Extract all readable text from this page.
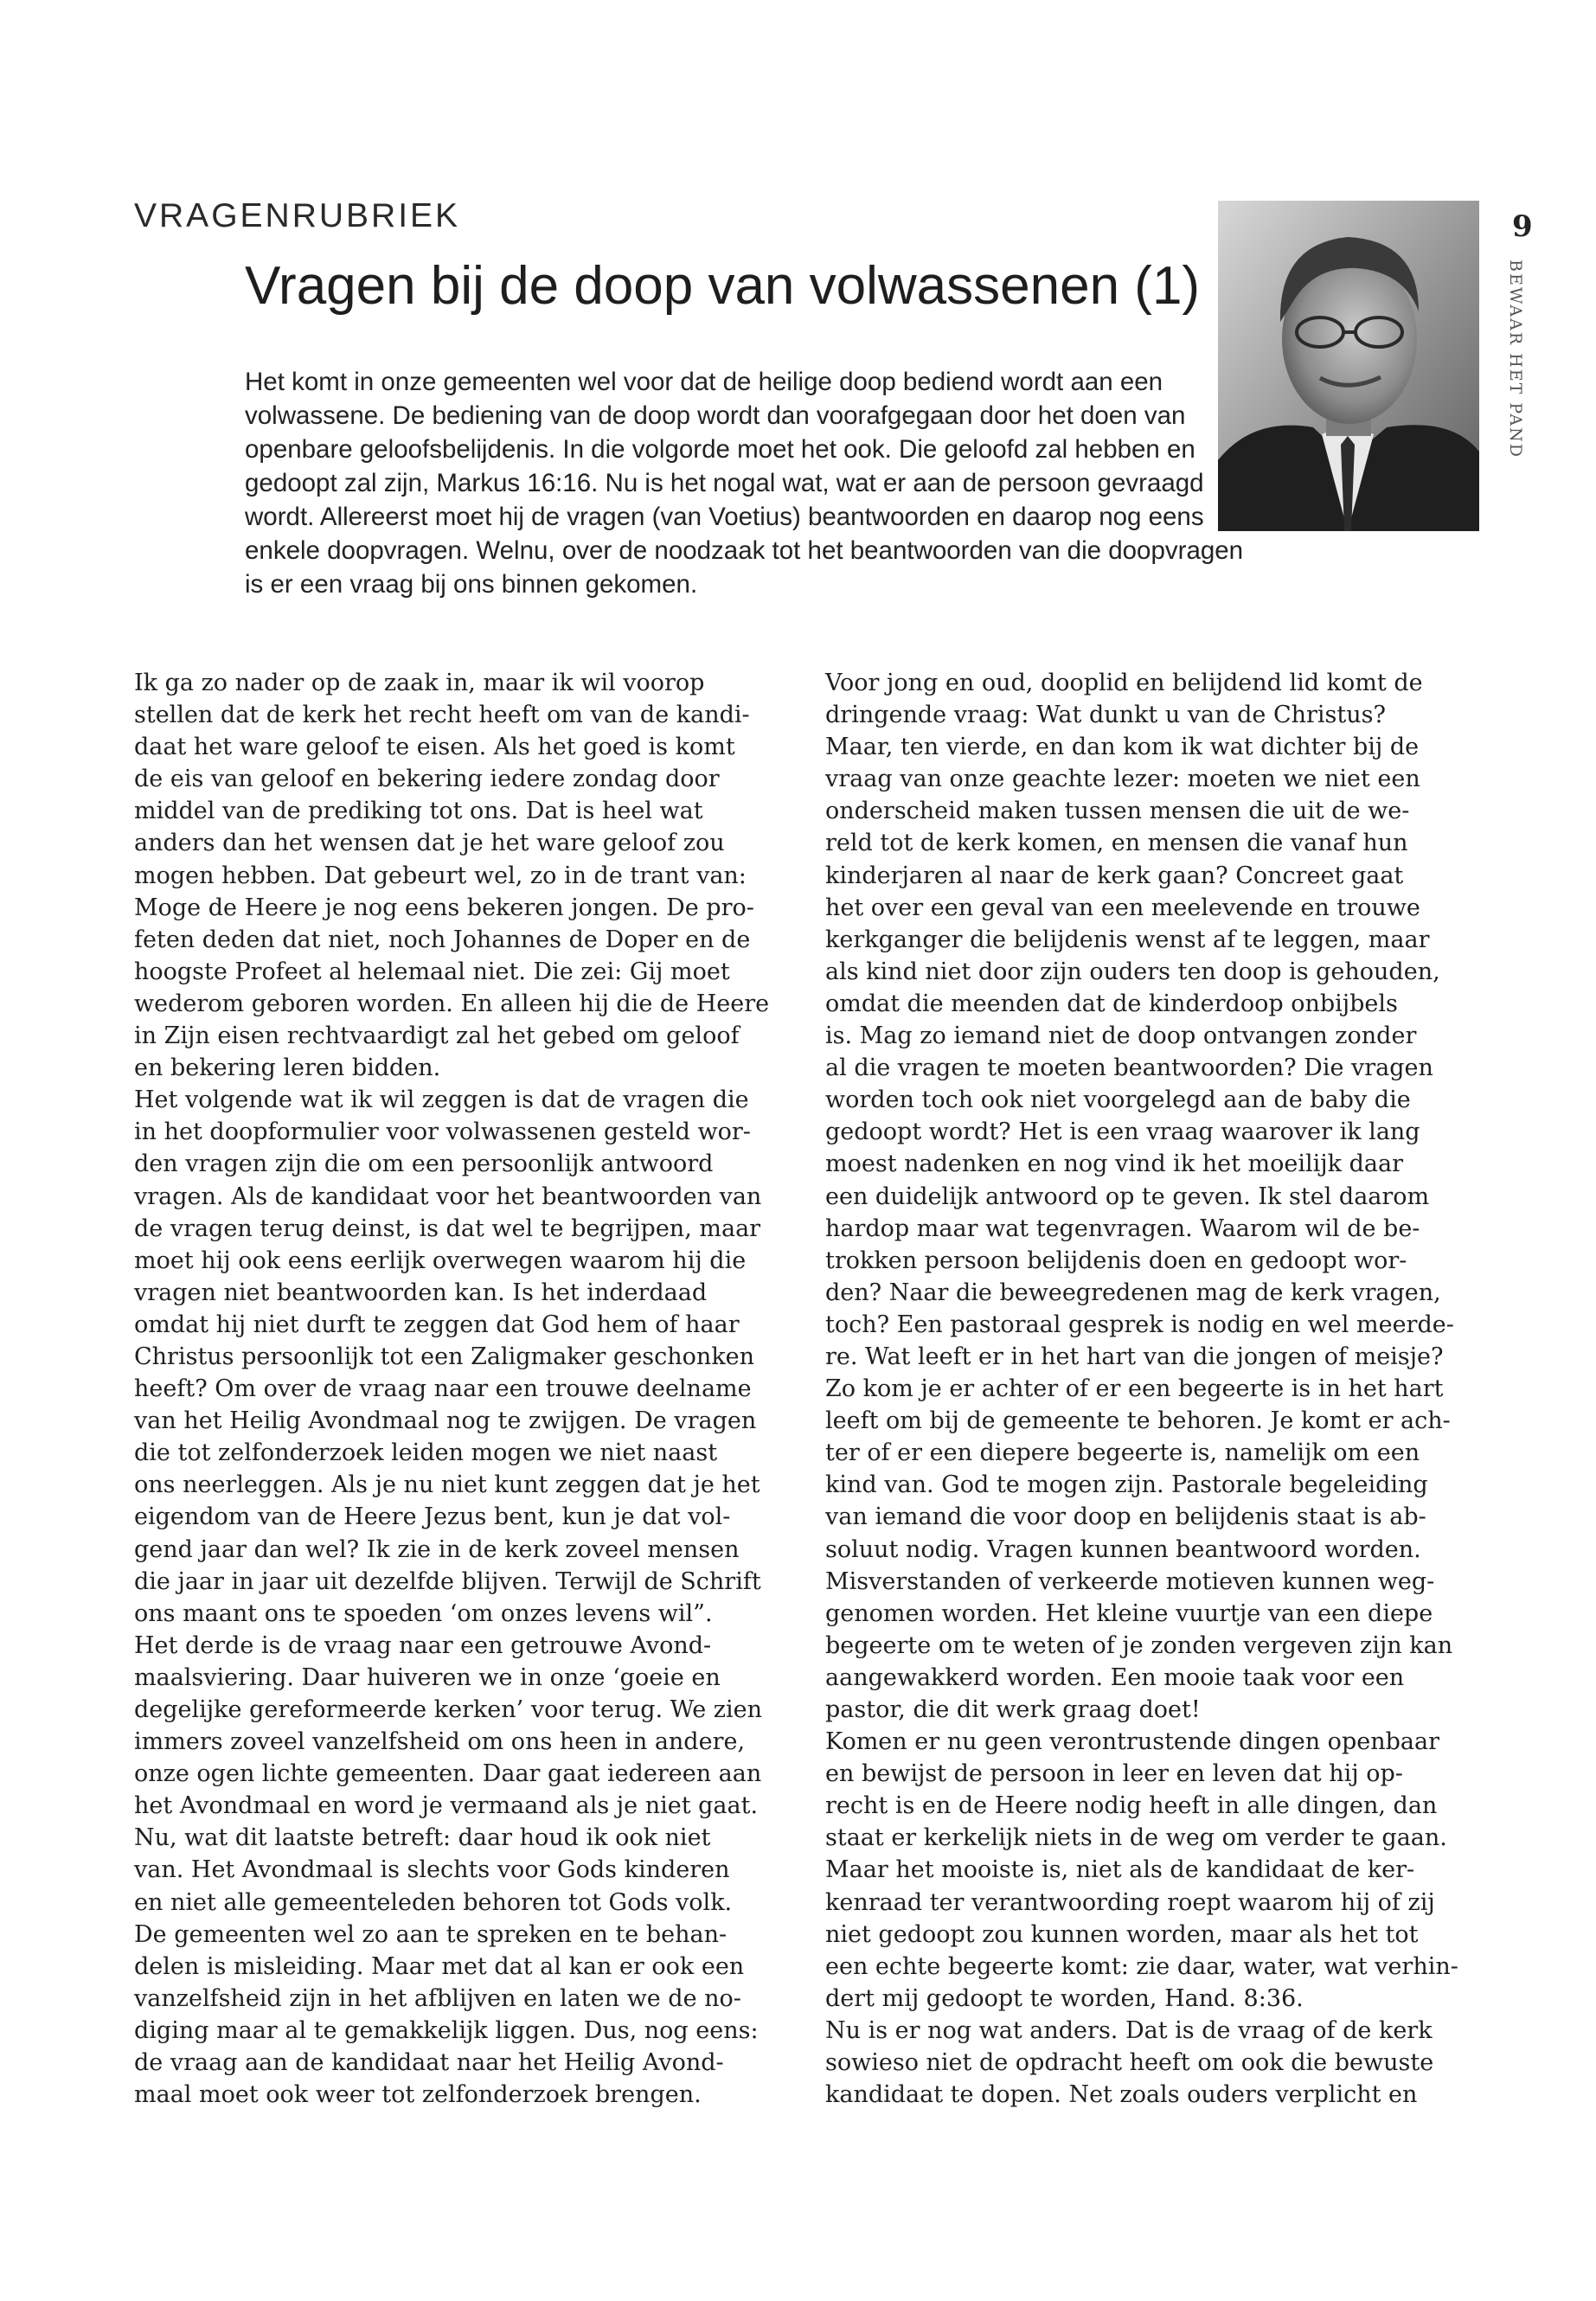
VRAGENRUBRIEK
Vragen bij de doop van volwassenen (1)
9
BEWAAR HET PAND

Het komt in onze gemeenten wel voor dat de heilige doop bediend wordt aan een
volwassene. De bediening van de doop wordt dan voorafgegaan door het doen van
openbare geloofsbelijdenis. In die volgorde moet het ook. Die geloofd zal hebben en
gedoopt zal zijn, Markus 16:16. Nu is het nogal wat, wat er aan de persoon gevraagd
wordt. Allereerst moet hij de vragen (van Voetius) beantwoorden en daarop nog eens
enkele doopvragen. Welnu, over de noodzaak tot het beantwoorden van die doopvragen
is er een vraag bij ons binnen gekomen.

Ik ga zo nader op de zaak in, maar ik wil voorop
stellen dat de kerk het recht heeft om van de kandi-
daat het ware geloof te eisen. Als het goed is komt
de eis van geloof en bekering iedere zondag door
middel van de prediking tot ons. Dat is heel wat
anders dan het wensen dat je het ware geloof zou
mogen hebben. Dat gebeurt wel, zo in de trant van:
Moge de Heere je nog eens bekeren jongen. De pro-
feten deden dat niet, noch Johannes de Doper en de
hoogste Profeet al helemaal niet. Die zei: Gij moet
wederom geboren worden. En alleen hij die de Heere
in Zijn eisen rechtvaardigt zal het gebed om geloof
en bekering leren bidden.
Het volgende wat ik wil zeggen is dat de vragen die
in het doopformulier voor volwassenen gesteld wor-
den vragen zijn die om een persoonlijk antwoord
vragen. Als de kandidaat voor het beantwoorden van
de vragen terug deinst, is dat wel te begrijpen, maar
moet hij ook eens eerlijk overwegen waarom hij die
vragen niet beantwoorden kan. Is het inderdaad
omdat hij niet durft te zeggen dat God hem of haar
Christus persoonlijk tot een Zaligmaker geschonken
heeft? Om over de vraag naar een trouwe deelname
van het Heilig Avondmaal nog te zwijgen. De vragen
die tot zelfonderzoek leiden mogen we niet naast
ons neerleggen. Als je nu niet kunt zeggen dat je het
eigendom van de Heere Jezus bent, kun je dat vol-
gend jaar dan wel? Ik zie in de kerk zoveel mensen
die jaar in jaar uit dezelfde blijven. Terwijl de Schrift
ons maant ons te spoeden ‘om onzes levens wil”.
Het derde is de vraag naar een getrouwe Avond-
maalsviering. Daar huiveren we in onze ‘goeie en
degelijke gereformeerde kerken’ voor terug. We zien
immers zoveel vanzelfsheid om ons heen in andere,
onze ogen lichte gemeenten. Daar gaat iedereen aan
het Avondmaal en word je vermaand als je niet gaat.
Nu, wat dit laatste betreft: daar houd ik ook niet
van. Het Avondmaal is slechts voor Gods kinderen
en niet alle gemeenteleden behoren tot Gods volk.
De gemeenten wel zo aan te spreken en te behan-
delen is misleiding. Maar met dat al kan er ook een
vanzelfsheid zijn in het afblijven en laten we de no-
diging maar al te gemakkelijk liggen. Dus, nog eens:
de vraag aan de kandidaat naar het Heilig Avond-
maal moet ook weer tot zelfonderzoek brengen.
Voor jong en oud, dooplid en belijdend lid komt de
dringende vraag: Wat dunkt u van de Christus?
Maar, ten vierde, en dan kom ik wat dichter bij de
vraag van onze geachte lezer: moeten we niet een
onderscheid maken tussen mensen die uit de we-
reld tot de kerk komen, en mensen die vanaf hun
kinderjaren al naar de kerk gaan? Concreet gaat
het over een geval van een meelevende en trouwe
kerkganger die belijdenis wenst af te leggen, maar
als kind niet door zijn ouders ten doop is gehouden,
omdat die meenden dat de kinderdoop onbijbels
is. Mag zo iemand niet de doop ontvangen zonder
al die vragen te moeten beantwoorden? Die vragen
worden toch ook niet voorgelegd aan de baby die
gedoopt wordt? Het is een vraag waarover ik lang
moest nadenken en nog vind ik het moeilijk daar
een duidelijk antwoord op te geven. Ik stel daarom
hardop maar wat tegenvragen. Waarom wil de be-
trokken persoon belijdenis doen en gedoopt wor-
den? Naar die beweegredenen mag de kerk vragen,
toch? Een pastoraal gesprek is nodig en wel meerde-
re. Wat leeft er in het hart van die jongen of meisje?
Zo kom je er achter of er een begeerte is in het hart
leeft om bij de gemeente te behoren. Je komt er ach-
ter of er een diepere begeerte is, namelijk om een
kind van. God te mogen zijn. Pastorale begeleiding
van iemand die voor doop en belijdenis staat is ab-
soluut nodig. Vragen kunnen beantwoord worden.
Misverstanden of verkeerde motieven kunnen weg-
genomen worden. Het kleine vuurtje van een diepe
begeerte om te weten of je zonden vergeven zijn kan
aangewakkerd worden. Een mooie taak voor een
pastor, die dit werk graag doet!
Komen er nu geen verontrustende dingen openbaar
en bewijst de persoon in leer en leven dat hij op-
recht is en de Heere nodig heeft in alle dingen, dan
staat er kerkelijk niets in de weg om verder te gaan.
Maar het mooiste is, niet als de kandidaat de ker-
kenraad ter verantwoording roept waarom hij of zij
niet gedoopt zou kunnen worden, maar als het tot
een echte begeerte komt: zie daar, water, wat verhin-
dert mij gedoopt te worden, Hand. 8:36.
Nu is er nog wat anders. Dat is de vraag of de kerk
sowieso niet de opdracht heeft om ook die bewuste
kandidaat te dopen. Net zoals ouders verplicht en
